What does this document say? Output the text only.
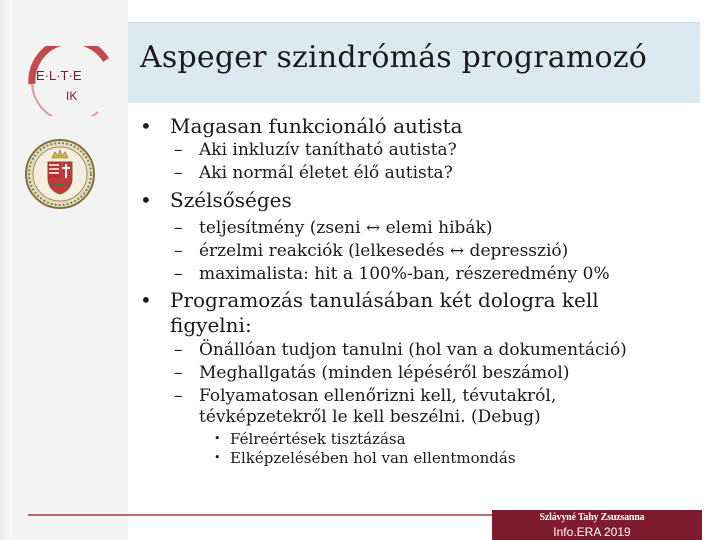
E·L·T·E
IK
Aspeger szindrómás programozó
• Magasan funkcionáló autista
– Aki inkluzív tanítható autista?
– Aki normál életet élő autista?
• Szélsőséges
– teljesítmény (zseni ↔ elemi hibák)
– érzelmi reakciók (lelkesedés ↔ depresszió)
– maximalista: hit a 100%-ban, részeredmény 0%
• Programozás tanulásában két dologra kell
figyelni:
– Önállóan tudjon tanulni (hol van a dokumentáció)
– Meghallgatás (minden lépéséről beszámol)
– Folyamatosan ellenőrizni kell, tévutakról,
tévképzetekről le kell beszélni. (Debug)
• Félreértések tisztázása
• Elképzelésében hol van ellentmondás
Szlávyné Tahy Zsuzsanna
Info.ERA 2019
